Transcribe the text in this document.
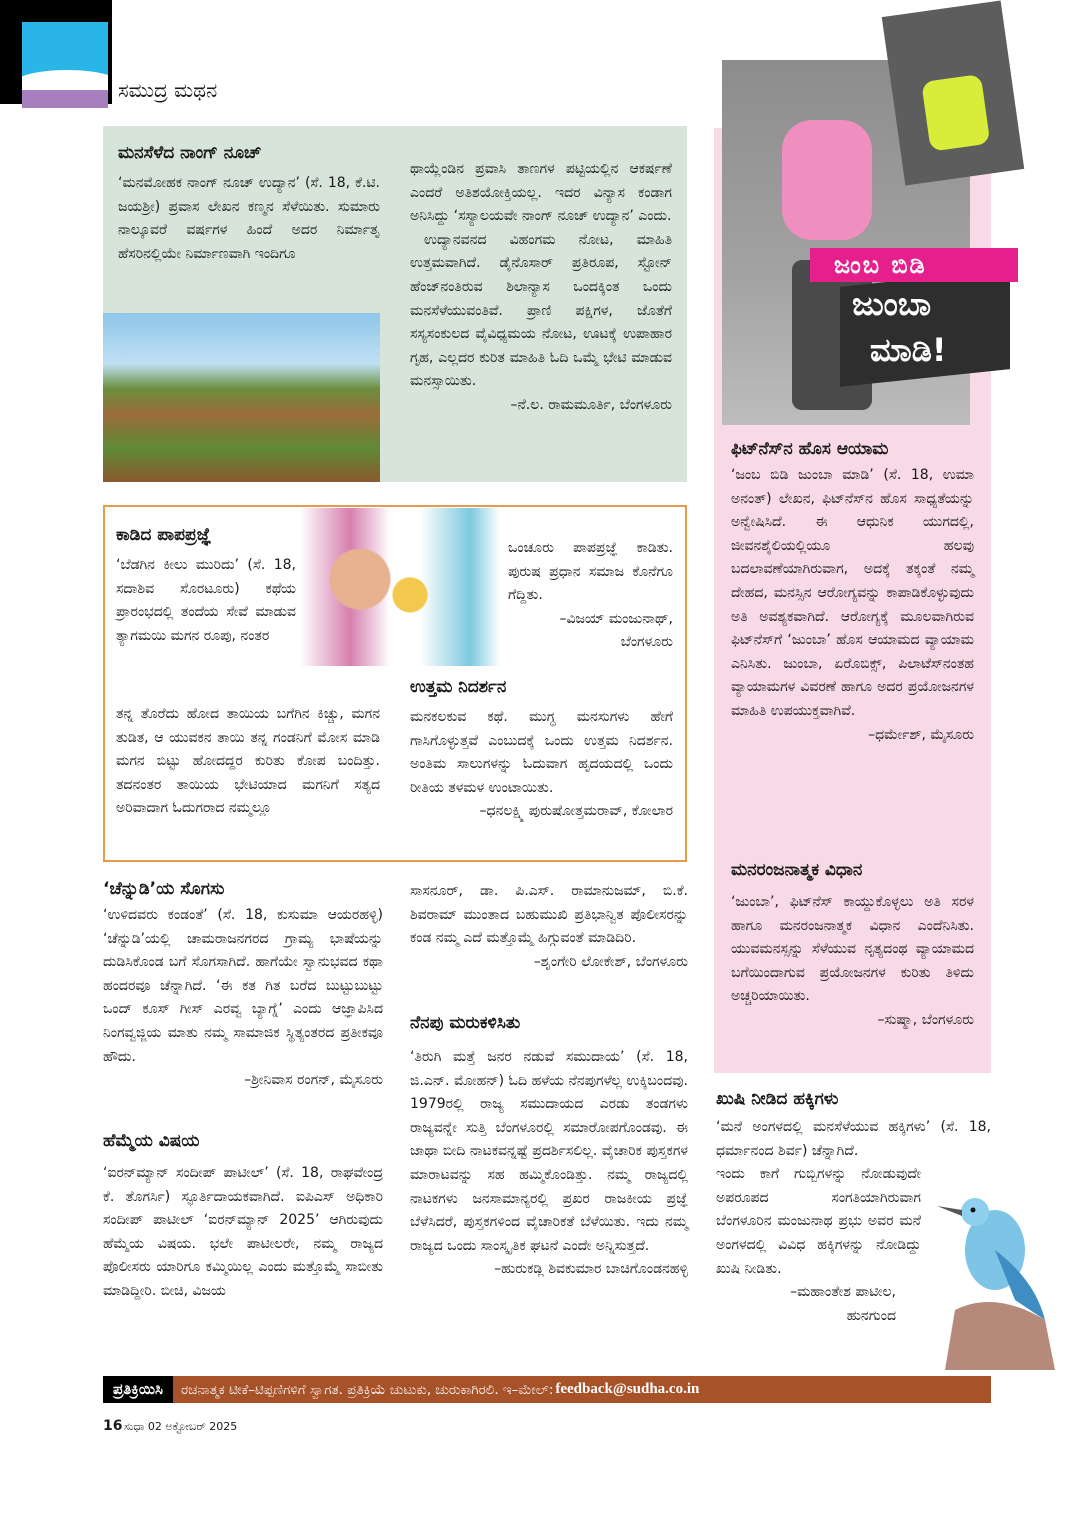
ಸಮುದ್ರ ಮಥನ
ಮನಸೆಳೆದ ನಾಂಗ್ ನೂಚ್

‘ಮನಮೋಹಕ ನಾಂಗ್ ನೂಚ್ ಉದ್ಯಾನ’ (ಸೆ. 18, ಕೆ.ಟಿ. ಜಯಶ್ರೀ) ಪ್ರವಾಸ ಲೇಖನ ಕಣ್ಮನ ಸೆಳೆಯಿತು. ಸುಮಾರು ನಾಲ್ಕೂವರೆ ವರ್ಷಗಳ ಹಿಂದೆ ಅದರ ನಿರ್ಮಾತೃ ಹೆಸರಿನಲ್ಲಿಯೇ ನಿರ್ಮಾಣವಾಗಿ ಇಂದಿಗೂ

ಥಾಯ್ಲೆಂಡಿನ ಪ್ರವಾಸಿ ತಾಣಗಳ ಪಟ್ಟಿಯಲ್ಲಿನ ಆಕರ್ಷಣೆ ಎಂದರೆ ಅತಿಶಯೋಕ್ತಿಯಲ್ಲ. ಇದರ ವಿನ್ಯಾಸ ಕಂಡಾಗ ಅನಿಸಿದ್ದು ‘ಸಸ್ಯಾಲಯವೇ ನಾಂಗ್ ನೂಚ್ ಉದ್ಯಾನ’ ಎಂದು.

ಉದ್ಯಾನವನದ ವಿಹಂಗಮ ನೋಟ, ಮಾಹಿತಿ ಉತ್ತಮವಾಗಿದೆ. ಡೈನೊಸಾರ್ ಪ್ರತಿರೂಪ, ಸ್ಟೋನ್ ಹೆಂಜ್‌ನಂತಿರುವ ಶಿಲಾನ್ಯಾಸ ಒಂದಕ್ಕಿಂತ ಒಂದು ಮನಸೆಳೆಯುವಂತಿವೆ. ಪ್ರಾಣಿ ಪಕ್ಷಿಗಳ, ಜೊತೆಗೆ ಸಸ್ಯಸಂಕುಲದ ವೈವಿಧ್ಯಮಯ ನೋಟ, ಊಟಕ್ಕೆ ಉಪಾಹಾರ ಗೃಹ, ಎಲ್ಲದರ ಕುರಿತ ಮಾಹಿತಿ ಓದಿ ಒಮ್ಮೆ ಭೇಟಿ ಮಾಡುವ ಮನಸ್ಸಾಯಿತು.

–ನೆ.ಲ. ರಾಮಮೂರ್ತಿ, ಬೆಂಗಳೂರು

ಕಾಡಿದ ಪಾಪಪ್ರಜ್ಞೆ

‘ಬೆಡಗಿನ ಕೀಲು ಮುರಿದು’ (ಸೆ. 18, ಸದಾಶಿವ ಸೊರಟೂರು) ಕಥೆಯ ಪ್ರಾರಂಭದಲ್ಲಿ ತಂದೆಯ ಸೇವೆ ಮಾಡುವ ತ್ಯಾಗಮಯಿ ಮಗನ ರೂಪು, ನಂತರ

ತನ್ನ ತೊರೆದು ಹೋದ ತಾಯಿಯ ಬಗೆಗಿನ ಕಿಚ್ಚು, ಮಗನ ತುಡಿತ, ಆ ಯುವಕನ ತಾಯಿ ತನ್ನ ಗಂಡನಿಗೆ ಮೋಸ ಮಾಡಿ ಮಗನ ಬಿಟ್ಟು ಹೋದದ್ದರ ಕುರಿತು ಕೋಪ ಬಂದಿತ್ತು. ತದನಂತರ ತಾಯಿಯ ಭೇಟಿಯಾದ ಮಗನಿಗೆ ಸತ್ಯದ ಅರಿವಾದಾಗ ಓದುಗರಾದ ನಮ್ಮಲ್ಲೂ

ಒಂಚೂರು ಪಾಪಪ್ರಜ್ಞೆ ಕಾಡಿತು. ಪುರುಷ ಪ್ರಧಾನ ಸಮಾಜ ಕೊನೆಗೂ ಗೆದ್ದಿತು.

–ವಿಜಯ್ ಮಂಜುನಾಥ್,

ಬೆಂಗಳೂರು

ಉತ್ತಮ ನಿದರ್ಶನ

ಮನಕಲಕುವ ಕಥೆ. ಮುಗ್ಧ ಮನಸುಗಳು ಹೇಗೆ ಗಾಸಿಗೊಳ್ಳುತ್ತವೆ ಎಂಬುದಕ್ಕೆ ಒಂದು ಉತ್ತಮ ನಿದರ್ಶನ. ಅಂತಿಮ ಸಾಲುಗಳನ್ನು ಓದುವಾಗ ಹೃದಯದಲ್ಲಿ ಒಂದು ರೀತಿಯ ತಳಮಳ ಉಂಟಾಯಿತು.

–ಧನಲಕ್ಷ್ಮಿ ಪುರುಷೋತ್ತಮರಾವ್, ಕೋಲಾರ

‘ಚೆನ್ನುಡಿ’ಯ ಸೊಗಸು

‘ಉಳಿದವರು ಕಂಡಂತೆ’ (ಸೆ. 18, ಕುಸುಮಾ ಆಯರಹಳ್ಳಿ) ‘ಚೆನ್ನುಡಿ’ಯಲ್ಲಿ ಚಾಮರಾಜನಗರದ ಗ್ರಾಮ್ಯ ಭಾಷೆಯನ್ನು ದುಡಿಸಿಕೊಂಡ ಬಗೆ ಸೊಗಸಾಗಿದೆ. ಹಾಗೆಯೇ ಸ್ವಾನುಭವದ ಕಥಾ ಹಂದರವೂ ಚೆನ್ನಾಗಿದೆ. ‘ಈ ಕತ ಗಿತ ಬರೆದ ಬುಟ್ಟುಬುಟ್ಟು ಒಂದ್ ಕೂಸ್ ಗೀಸ್ ಎರವ್ವ ಬ್ಯಾಗ್ನೆ’ ಎಂದು ಆಜ್ಞಾಪಿಸಿದ ನಿಂಗವ್ವಜ್ಜಿಯ ಮಾತು ನಮ್ಮ ಸಾಮಾಜಿಕ ಸ್ಥಿತ್ಯಂತರದ ಪ್ರತೀಕವೂ ಹೌದು.

–ಶ್ರೀನಿವಾಸ ರಂಗನ್, ಮೈಸೂರು

ಹೆಮ್ಮೆಯ ವಿಷಯ

‘ಐರನ್‌ಮ್ಯಾನ್ ಸಂದೀಪ್ ಪಾಟೀಲ್’ (ಸೆ. 18, ರಾಘವೇಂದ್ರ ಕೆ. ತೊಗರ್ಸಿ) ಸ್ಫೂರ್ತಿದಾಯಕವಾಗಿದೆ. ಐಪಿಎಸ್ ಅಧಿಕಾರಿ ಸಂದೀಪ್ ಪಾಟೀಲ್ ‘ಐರನ್‌ಮ್ಯಾನ್ 2025’ ಆಗಿರುವುದು ಹೆಮ್ಮೆಯ ವಿಷಯ. ಭಲೇ ಪಾಟೀಲರೇ, ನಮ್ಮ ರಾಜ್ಯದ ಪೊಲೀಸರು ಯಾರಿಗೂ ಕಮ್ಮಿಯಿಲ್ಲ ಎಂದು ಮತ್ತೊಮ್ಮೆ ಸಾಬೀತು ಮಾಡಿದ್ದೀರಿ. ಬೀಚಿ, ವಿಜಯ

ಸಾಸನೂರ್, ಡಾ. ಪಿ.ಎಸ್. ರಾಮಾನುಜಮ್, ಬಿ.ಕೆ. ಶಿವರಾಮ್ ಮುಂತಾದ ಬಹುಮುಖಿ ಪ್ರತಿಭಾನ್ವಿತ ಪೊಲೀಸರನ್ನು ಕಂಡ ನಮ್ಮ ಎದೆ ಮತ್ತೊಮ್ಮೆ ಹಿಗ್ಗುವಂತೆ ಮಾಡಿದಿರಿ.

–ಶೃಂಗೇರಿ ಲೋಕೇಶ್, ಬೆಂಗಳೂರು

ನೆನಪು ಮರುಕಳಿಸಿತು

‘ತಿರುಗಿ ಮತ್ತೆ ಜನರ ನಡುವೆ ಸಮುದಾಯ’ (ಸೆ. 18, ಜಿ.ಎನ್. ಮೋಹನ್) ಓದಿ ಹಳೆಯ ನೆನಪುಗಳೆಲ್ಲ ಉಕ್ಕಿಬಂದವು. 1979ರಲ್ಲಿ ರಾಜ್ಯ ಸಮುದಾಯದ ಎರಡು ತಂಡಗಳು ರಾಜ್ಯವನ್ನೇ ಸುತ್ತಿ ಬೆಂಗಳೂರಲ್ಲಿ ಸಮಾರೋಪಗೊಂಡವು. ಈ ಜಾಥಾ ಬೀದಿ ನಾಟಕವನ್ನಷ್ಟೆ ಪ್ರದರ್ಶಿಸಲಿಲ್ಲ. ವೈಚಾರಿಕ ಪುಸ್ತಕಗಳ ಮಾರಾಟವನ್ನು ಸಹ ಹಮ್ಮಿಕೊಂಡಿತ್ತು. ನಮ್ಮ ರಾಜ್ಯದಲ್ಲಿ ನಾಟಕಗಳು ಜನಸಾಮಾನ್ಯರಲ್ಲಿ ಪ್ರಖರ ರಾಜಕೀಯ ಪ್ರಜ್ಞೆ ಬೆಳೆಸಿದರೆ, ಪುಸ್ತಕಗಳಿಂದ ವೈಚಾರಿಕತೆ ಬೆಳೆಯಿತು. ಇದು ನಮ್ಮ ರಾಜ್ಯದ ಒಂದು ಸಾಂಸ್ಕೃತಿಕ ಘಟನೆ ಎಂದೇ ಅನ್ನಿಸುತ್ತದೆ.

–ಹುರುಕಡ್ಲಿ ಶಿವಕುಮಾರ ಬಾಚಿಗೊಂಡನಹಳ್ಳಿ

ಜಂಬ ಬಿಡಿ
ಜುಂಬಾ
ಮಾಡಿ!
ಫಿಟ್‌ನೆಸ್‌ನ ಹೊಸ ಆಯಾಮ

‘ಜಂಬ ಬಿಡಿ ಜುಂಬಾ ಮಾಡಿ’ (ಸೆ. 18, ಉಮಾ ಅನಂತ್) ಲೇಖನ, ಫಿಟ್‌ನೆಸ್‌ನ ಹೊಸ ಸಾಧ್ಯತೆಯನ್ನು ಅನ್ವೇಷಿಸಿದೆ. ಈ ಆಧುನಿಕ ಯುಗದಲ್ಲಿ, ಜೀವನಶೈಲಿಯಲ್ಲಿಯೂ ಹಲವು ಬದಲಾವಣೆಯಾಗಿರುವಾಗ, ಅದಕ್ಕೆ ತಕ್ಕಂತೆ ನಮ್ಮ ದೇಹದ, ಮನಸ್ಸಿನ ಆರೋಗ್ಯವನ್ನು ಕಾಪಾಡಿಕೊಳ್ಳುವುದು ಅತಿ ಅವಶ್ಯಕವಾಗಿದೆ. ಆರೋಗ್ಯಕ್ಕೆ ಮೂಲವಾಗಿರುವ ಫಿಟ್‌ನೆಸ್‌ಗೆ ‘ಜುಂಬಾ’ ಹೊಸ ಆಯಾಮದ ವ್ಯಾಯಾಮ ಎನಿಸಿತು. ಜುಂಬಾ, ಏರೊಬಿಕ್ಸ್, ಪಿಲಾಟೆಸ್‌ನಂತಹ ವ್ಯಾಯಾಮಗಳ ವಿವರಣೆ ಹಾಗೂ ಅದರ ಪ್ರಯೋಜನಗಳ ಮಾಹಿತಿ ಉಪಯುಕ್ತವಾಗಿವೆ.

–ಧರ್ಮೇಶ್, ಮೈಸೂರು

ಮನರಂಜನಾತ್ಮಕ ವಿಧಾನ

‘ಜುಂಬಾ’, ಫಿಟ್‌ನೆಸ್ ಕಾಯ್ದುಕೊಳ್ಳಲು ಅತಿ ಸರಳ ಹಾಗೂ ಮನರಂಜನಾತ್ಮಕ ವಿಧಾನ ಎಂದೆನಿಸಿತು. ಯುವಮನಸ್ಸನ್ನು ಸೆಳೆಯುವ ನೃತ್ಯದಂಥ ವ್ಯಾಯಾಮದ ಬಗೆಯಿಂದಾಗುವ ಪ್ರಯೋಜನಗಳ ಕುರಿತು ತಿಳಿದು ಅಚ್ಚರಿಯಾಯಿತು.

–ಸುಷ್ಮಾ, ಬೆಂಗಳೂರು

ಖುಷಿ ನೀಡಿದ ಹಕ್ಕಿಗಳು

‘ಮನೆ ಅಂಗಳದಲ್ಲಿ ಮನಸೆಳೆಯುವ ಹಕ್ಕಿಗಳು’ (ಸೆ. 18, ಧರ್ಮಾನಂದ ಶಿರ್ವ) ಚೆನ್ನಾಗಿದೆ.

ಇಂದು ಕಾಗೆ ಗುಬ್ಬಿಗಳನ್ನು ನೋಡುವುದೇ ಅಪರೂಪದ ಸಂಗತಿಯಾಗಿರುವಾಗ ಬೆಂಗಳೂರಿನ ಮಂಜುನಾಥ ಪ್ರಭು ಅವರ ಮನೆ ಅಂಗಳದಲ್ಲಿ ವಿವಿಧ ಹಕ್ಕಿಗಳನ್ನು ನೋಡಿದ್ದು ಖುಷಿ ನೀಡಿತು.

–ಮಹಾಂತೇಶ ಪಾಟೀಲ,

ಹುನಗುಂದ

ಪ್ರತಿಕ್ರಿಯಿಸಿ	ರಚನಾತ್ಮಕ ಟೀಕೆ–ಟಿಪ್ಪಣಿಗಳಿಗೆ ಸ್ವಾಗತ. ಪ್ರತಿಕ್ರಿಯೆ ಚುಟುಕು, ಚುರುಕಾಗಿರಲಿ. ಇ–ಮೇಲ್: feedback@sudha.co.in
16 ಸುಧಾ 02 ಅಕ್ಟೋಬರ್ 2025
